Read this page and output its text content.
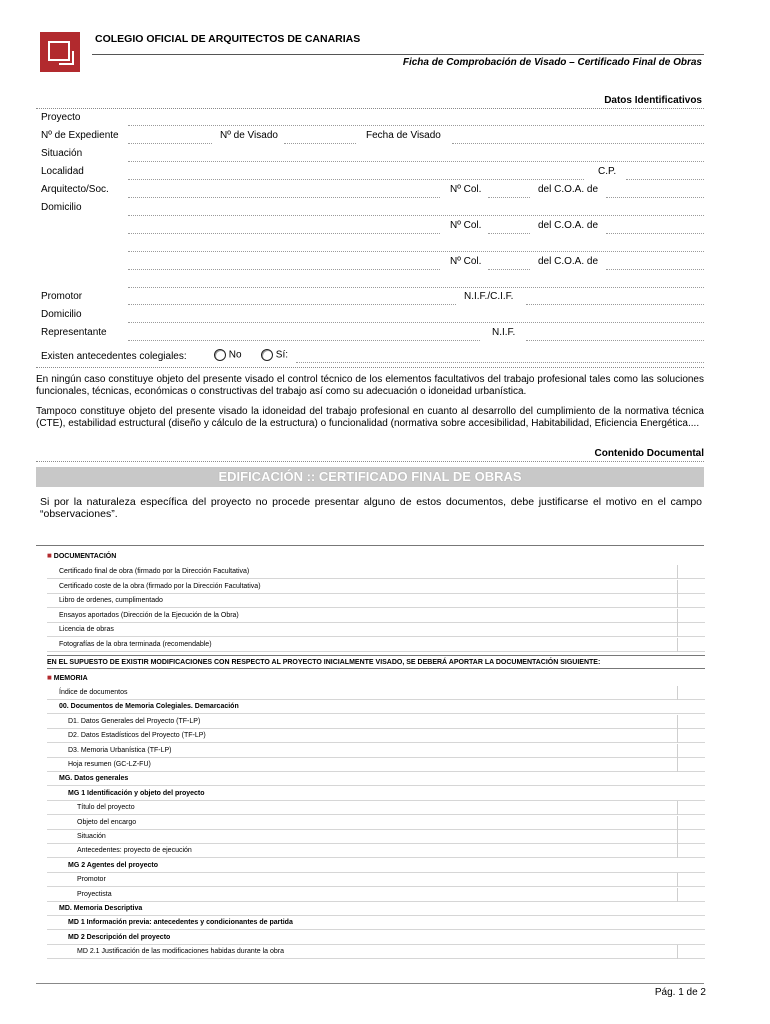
COLEGIO OFICIAL DE ARQUITECTOS DE CANARIAS
Ficha de Comprobación de Visado – Certificado Final de Obras
Datos Identificativos
Proyecto
Nº de Expediente	Nº de Visado	Fecha de Visado
Situación
Localidad	C.P.
Arquitecto/Soc.	Nº Col.	del C.O.A. de
Domicilio
Nº Col.	del C.O.A. de
Nº Col.	del C.O.A. de
Promotor	N.I.F./C.I.F.
Domicilio
Representante	N.I.F.
Existen antecedentes colegiales:	No	Sí:
En ningún caso constituye objeto del presente visado el control técnico de los elementos facultativos del trabajo profesional tales como las soluciones funcionales, técnicas, económicas o constructivas del trabajo así como su adecuación o idoneidad urbanística.
Tampoco constituye objeto del presente visado la idoneidad del trabajo profesional en cuanto al desarrollo del cumplimiento de la normativa técnica (CTE), estabilidad estructural (diseño y cálculo de la estructura) o funcionalidad (normativa sobre accesibilidad, Habitabilidad, Eficiencia Energética....
Contenido Documental
EDIFICACIÓN :: CERTIFICADO FINAL DE OBRAS
Si por la naturaleza específica del proyecto no procede presentar alguno de estos documentos, debe justificarse el motivo en el campo “observaciones”.
■ DOCUMENTACIÓN
Certificado final de obra (firmado por la Dirección Facultativa)
Certificado coste de la obra (firmado por la Dirección Facultativa)
Libro de ordenes, cumplimentado
Ensayos aportados (Dirección de la Ejecución de la Obra)
Licencia de obras
Fotografías de la obra terminada (recomendable)
EN EL SUPUESTO DE EXISTIR MODIFICACIONES CON RESPECTO AL PROYECTO INICIALMENTE VISADO, SE DEBERÁ APORTAR LA DOCUMENTACIÓN SIGUIENTE:
■ MEMORIA
Índice de documentos
00. Documentos de Memoria Colegiales. Demarcación
D1. Datos Generales del Proyecto (TF-LP)
D2. Datos Estadísticos del Proyecto (TF-LP)
D3. Memoria Urbanística (TF-LP)
Hoja resumen (GC-LZ-FU)
MG. Datos generales
MG 1 Identificación y objeto del proyecto
Título del proyecto
Objeto del encargo
Situación
Antecedentes: proyecto de ejecución
MG 2 Agentes del proyecto
Promotor
Proyectista
MD. Memoria Descriptiva
MD 1 Información previa: antecedentes y condicionantes de partida
MD 2 Descripción del proyecto
MD 2.1 Justificación de las modificaciones habidas durante la obra
Pág. 1 de 2
